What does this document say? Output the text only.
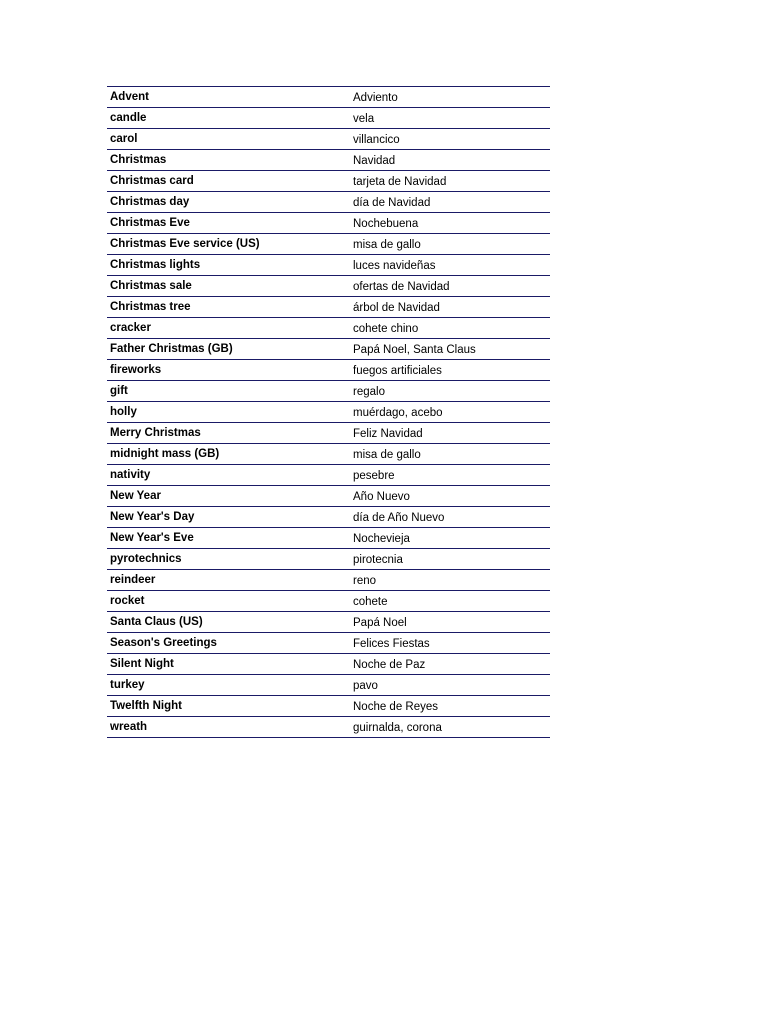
Advent	Adviento
candle	vela
carol	villancico
Christmas	Navidad
Christmas card	tarjeta de Navidad
Christmas day	día de Navidad
Christmas Eve	Nochebuena
Christmas Eve service (US)	misa de gallo
Christmas lights	luces navideñas
Christmas sale	ofertas de Navidad
Christmas tree	árbol de Navidad
cracker	cohete chino
Father Christmas (GB)	Papá Noel, Santa Claus
fireworks	fuegos artificiales
gift	regalo
holly	muérdago, acebo
Merry Christmas	Feliz Navidad
midnight mass (GB)	misa de gallo
nativity	pesebre
New Year	Año Nuevo
New Year's Day	día de Año Nuevo
New Year's Eve	Nochevieja
pyrotechnics	pirotecnia
reindeer	reno
rocket	cohete
Santa Claus (US)	Papá Noel
Season's Greetings	Felices Fiestas
Silent Night	Noche de Paz
turkey	pavo
Twelfth Night	Noche de Reyes
wreath	guirnalda, corona
